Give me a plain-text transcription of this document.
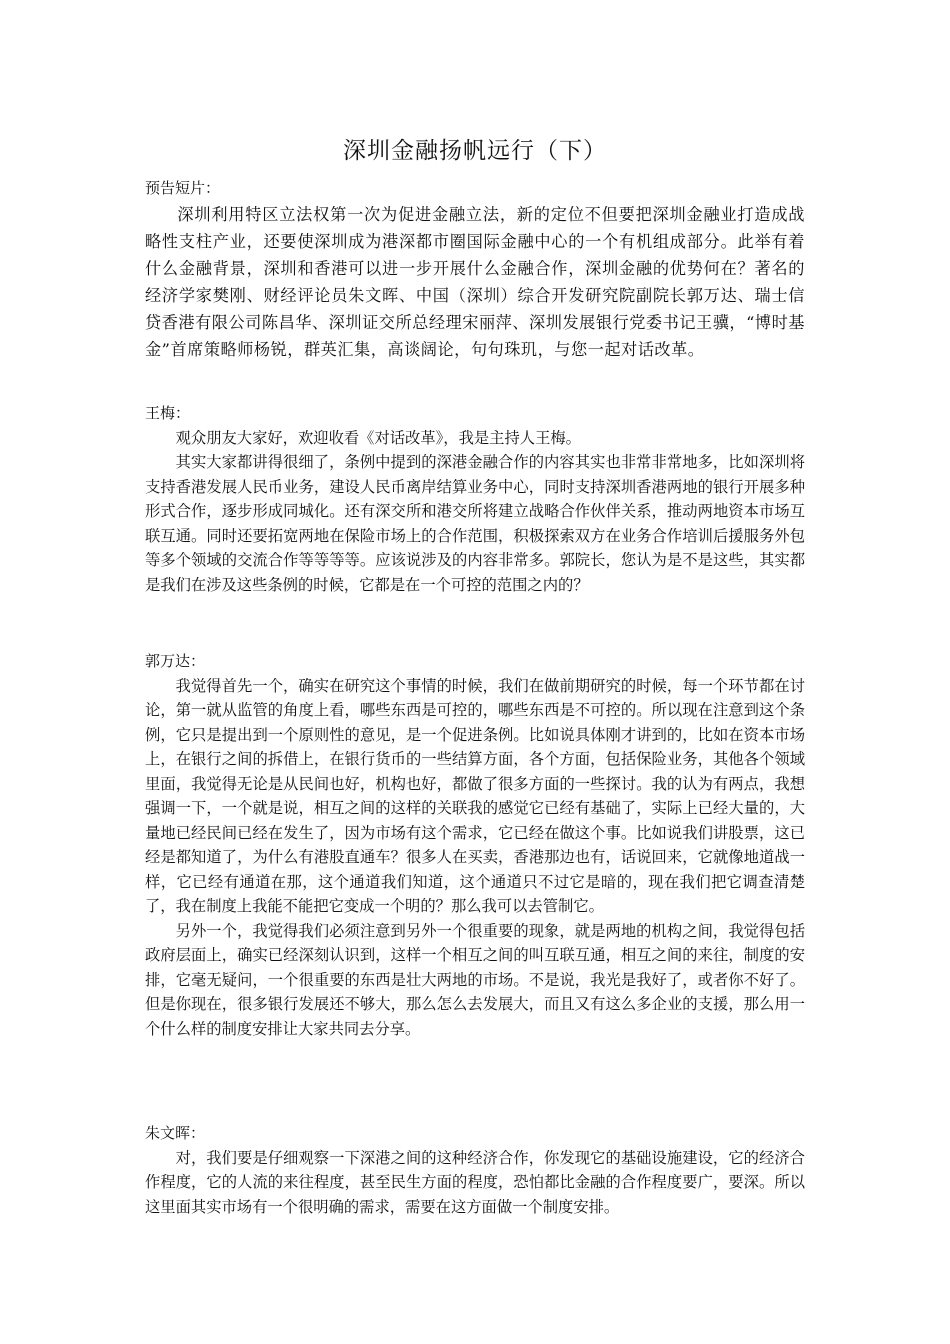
深圳金融扬帆远行（下）

预告短片：

深圳利用特区立法权第一次为促进金融立法，新的定位不但要把深圳金融业打造成战略性支柱产业，还要使深圳成为港深都市圈国际金融中心的一个有机组成部分。此举有着什么金融背景，深圳和香港可以进一步开展什么金融合作，深圳金融的优势何在？著名的经济学家樊刚、财经评论员朱文晖、中国（深圳）综合开发研究院副院长郭万达、瑞士信贷香港有限公司陈昌华、深圳证交所总经理宋丽萍、深圳发展银行党委书记王骥，“博时基金”首席策略师杨锐，群英汇集，高谈阔论，句句珠玑，与您一起对话改革。

王梅：

观众朋友大家好，欢迎收看《对话改革》，我是主持人王梅。

其实大家都讲得很细了，条例中提到的深港金融合作的内容其实也非常非常地多，比如深圳将支持香港发展人民币业务，建设人民币离岸结算业务中心，同时支持深圳香港两地的银行开展多种形式合作，逐步形成同城化。还有深交所和港交所将建立战略合作伙伴关系，推动两地资本市场互联互通。同时还要拓宽两地在保险市场上的合作范围，积极探索双方在业务合作培训后援服务外包等多个领域的交流合作等等等等。应该说涉及的内容非常多。郭院长，您认为是不是这些，其实都是我们在涉及这些条例的时候，它都是在一个可控的范围之内的？

郭万达：

我觉得首先一个，确实在研究这个事情的时候，我们在做前期研究的时候，每一个环节都在讨论，第一就从监管的角度上看，哪些东西是可控的，哪些东西是不可控的。所以现在注意到这个条例，它只是提出到一个原则性的意见，是一个促进条例。比如说具体刚才讲到的，比如在资本市场上，在银行之间的拆借上，在银行货币的一些结算方面，各个方面，包括保险业务，其他各个领域里面，我觉得无论是从民间也好，机构也好，都做了很多方面的一些探讨。我的认为有两点，我想强调一下，一个就是说，相互之间的这样的关联我的感觉它已经有基础了，实际上已经大量的，大量地已经民间已经在发生了，因为市场有这个需求，它已经在做这个事。比如说我们讲股票，这已经是都知道了，为什么有港股直通车？很多人在买卖，香港那边也有，话说回来，它就像地道战一样，它已经有通道在那，这个通道我们知道，这个通道只不过它是暗的，现在我们把它调查清楚了，我在制度上我能不能把它变成一个明的？那么我可以去管制它。

另外一个，我觉得我们必须注意到另外一个很重要的现象，就是两地的机构之间，我觉得包括政府层面上，确实已经深刻认识到，这样一个相互之间的叫互联互通，相互之间的来往，制度的安排，它毫无疑问，一个很重要的东西是壮大两地的市场。不是说，我光是我好了，或者你不好了。但是你现在，很多银行发展还不够大，那么怎么去发展大，而且又有这么多企业的支援，那么用一个什么样的制度安排让大家共同去分享。

朱文晖：

对，我们要是仔细观察一下深港之间的这种经济合作，你发现它的基础设施建设，它的经济合作程度，它的人流的来往程度，甚至民生方面的程度，恐怕都比金融的合作程度要广，要深。所以这里面其实市场有一个很明确的需求，需要在这方面做一个制度安排。
